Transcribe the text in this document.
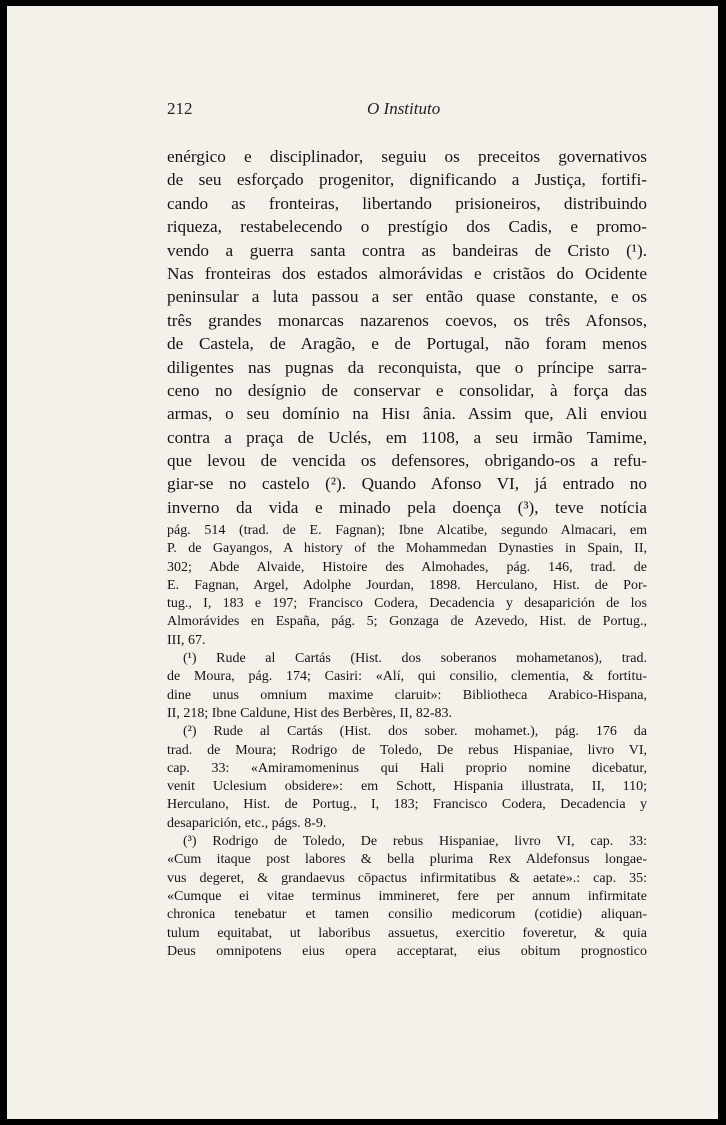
212	O Instituto
enérgico e disciplinador, seguiu os preceitos governativos
de seu esforçado progenitor, dignificando a Justiça, fortifi-
cando as fronteiras, libertando prisioneiros, distribuindo
riqueza, restabelecendo o prestígio dos Cadis, e promo-
vendo a guerra santa contra as bandeiras de Cristo (¹).
Nas fronteiras dos estados almorávidas e cristãos do Ocidente
peninsular a luta passou a ser então quase constante, e os
três grandes monarcas nazarenos coevos, os três Afonsos,
de Castela, de Aragão, e de Portugal, não foram menos
diligentes nas pugnas da reconquista, que o príncipe sarra-
ceno no desígnio de conservar e consolidar, à força das
armas, o seu domínio na Hisɪ ânia. Assim que, Ali enviou
contra a praça de Uclés, em 1108, a seu irmão Tamime,
que levou de vencida os defensores, obrigando-os a refu-
giar-se no castelo (²). Quando Afonso VI, já entrado no
inverno da vida e minado pela doença (³), teve notícia
pág. 514 (trad. de E. Fagnan); Ibne Alcatibe, segundo Almacari, em
P. de Gayangos, A history of the Mohammedan Dynasties in Spain, II,
302; Abde Alvaide, Histoire des Almohades, pág. 146, trad. de
E. Fagnan, Argel, Adolphe Jourdan, 1898. Herculano, Hist. de Por-
tug., I, 183 e 197; Francisco Codera, Decadencia y desaparición de los
Almorávides en España, pág. 5; Gonzaga de Azevedo, Hist. de Portug.,
III, 67.
(¹) Rude al Cartás (Hist. dos soberanos mohametanos), trad.
de Moura, pág. 174; Casiri: «Alí, qui consilio, clementia, & fortitu-
dine unus omnium maxime claruit»: Bibliotheca Arabico-Hispana,
II, 218; Ibne Caldune, Hist des Berbères, II, 82-83.
(²) Rude al Cartás (Hist. dos sober. mohamet.), pág. 176 da
trad. de Moura; Rodrigo de Toledo, De rebus Hispaniae, livro VI,
cap. 33: «Amiramomeninus qui Hali proprio nomine dicebatur,
venit Uclesium obsidere»: em Schott, Hispania illustrata, II, 110;
Herculano, Hist. de Portug., I, 183; Francisco Codera, Decadencia y
desaparición, etc., págs. 8-9.
(³) Rodrigo de Toledo, De rebus Hispaniae, livro VI, cap. 33:
«Cum itaque post labores & bella plurima Rex Aldefonsus longae-
vus degeret, & grandaevus cōpactus infirmitatibus & aetate».: cap. 35:
«Cumque ei vitae terminus immineret, fere per annum infirmitate
chronica tenebatur et tamen consilio medicorum (cotidie) aliquan-
tulum equitabat, ut laboribus assuetus, exercitio foveretur, & quia
Deus omnipotens eius opera acceptarat, eius obitum prognostico
